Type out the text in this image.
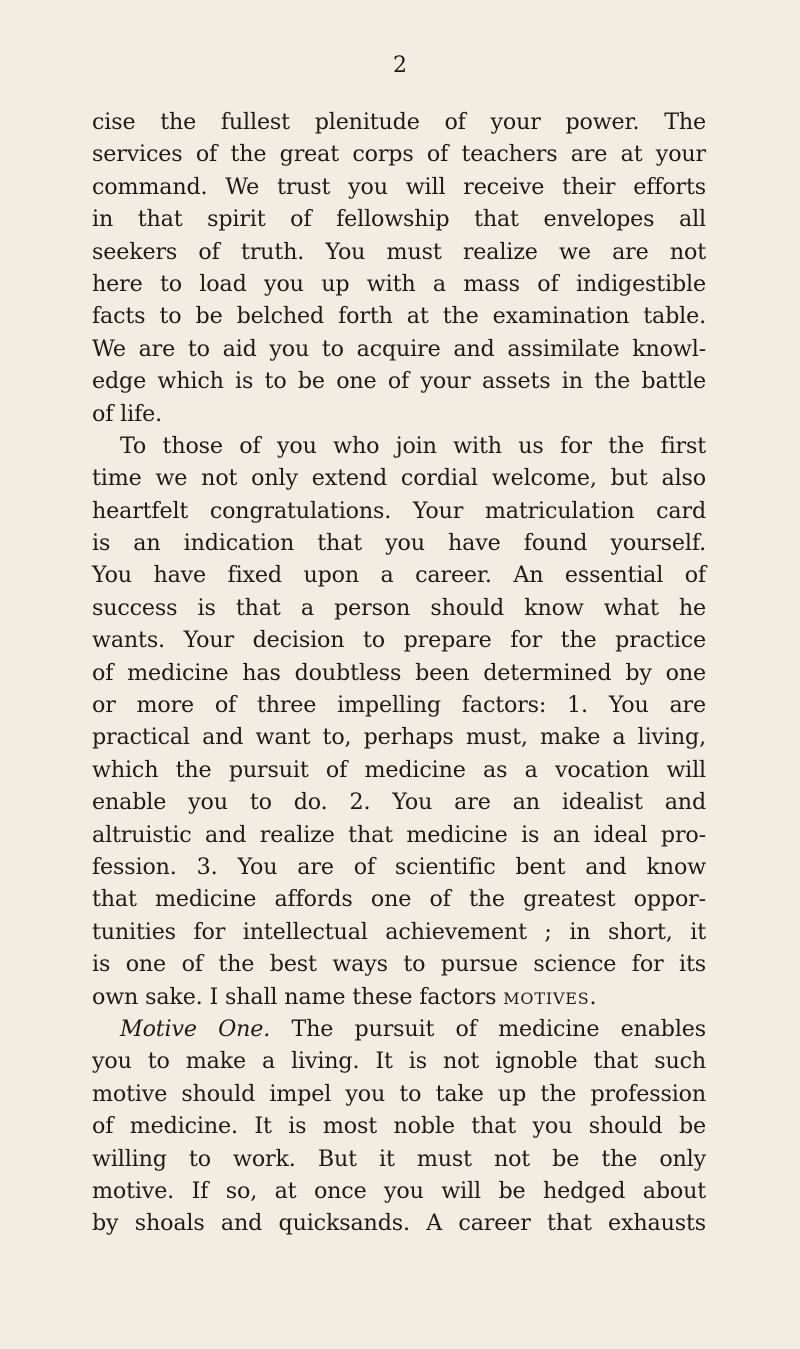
2
cise the fullest plenitude of your power. The
services of the great corps of teachers are at your
command. We trust you will receive their efforts
in that spirit of fellowship that envelopes all
seekers of truth. You must realize we are not
here to load you up with a mass of indigestible
facts to be belched forth at the examination table.
We are to aid you to acquire and assimilate knowl-
edge which is to be one of your assets in the battle
of life.
To those of you who join with us for the first
time we not only extend cordial welcome, but also
heartfelt congratulations. Your matriculation card
is an indication that you have found yourself.
You have fixed upon a career. An essential of
success is that a person should know what he
wants. Your decision to prepare for the practice
of medicine has doubtless been determined by one
or more of three impelling factors: 1. You are
practical and want to, perhaps must, make a living,
which the pursuit of medicine as a vocation will
enable you to do. 2. You are an idealist and
altruistic and realize that medicine is an ideal pro-
fession. 3. You are of scientific bent and know
that medicine affords one of the greatest oppor-
tunities for intellectual achievement ; in short, it
is one of the best ways to pursue science for its
own sake. I shall name these factors motives.
Motive One. The pursuit of medicine enables
you to make a living. It is not ignoble that such
motive should impel you to take up the profession
of medicine. It is most noble that you should be
willing to work. But it must not be the only
motive. If so, at once you will be hedged about
by shoals and quicksands. A career that exhausts
